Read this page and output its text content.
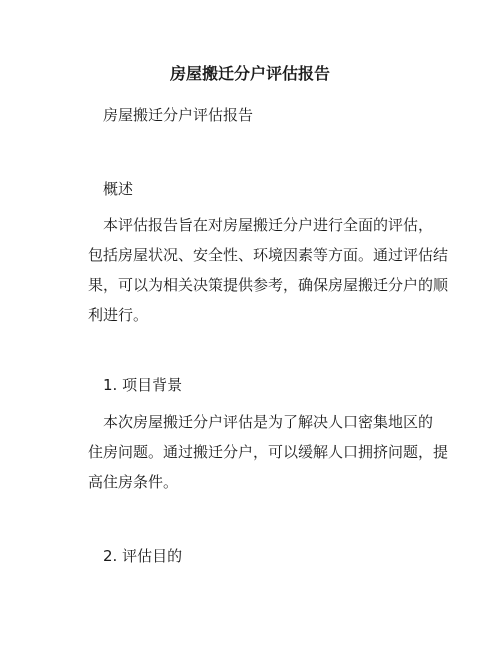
房屋搬迁分户评估报告
房屋搬迁分户评估报告
概述
本评估报告旨在对房屋搬迁分户进行全面的评估，
包括房屋状况、安全性、环境因素等方面。通过评估结
果，可以为相关决策提供参考，确保房屋搬迁分户的顺
利进行。
1. 项目背景
本次房屋搬迁分户评估是为了解决人口密集地区的
住房问题。通过搬迁分户，可以缓解人口拥挤问题，提
高住房条件。
2. 评估目的
